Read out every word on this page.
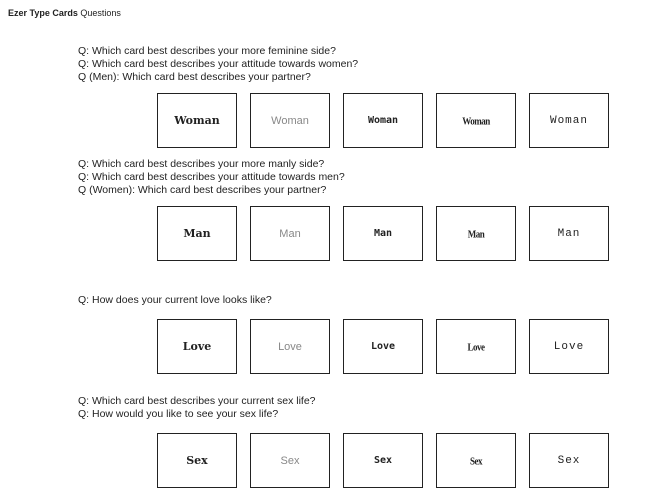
Ezer Type Cards Questions
Q: Which card best describes your more feminine side?
Q: Which card best describes your attitude towards women?
Q (Men): Which card best describes your partner?
Woman	Woman	Woman	Woman	Woman
Q: Which card best describes your more manly side?
Q: Which card best describes your attitude towards men?
Q (Women): Which card best describes your partner?
Man	Man	Man	Man	Man
Q: How does your current love looks like?
Love	Love	Love	Love	Love
Q: Which card best describes your current sex life?
Q: How would you like to see your sex life?
Sex	Sex	Sex	Sex	Sex
